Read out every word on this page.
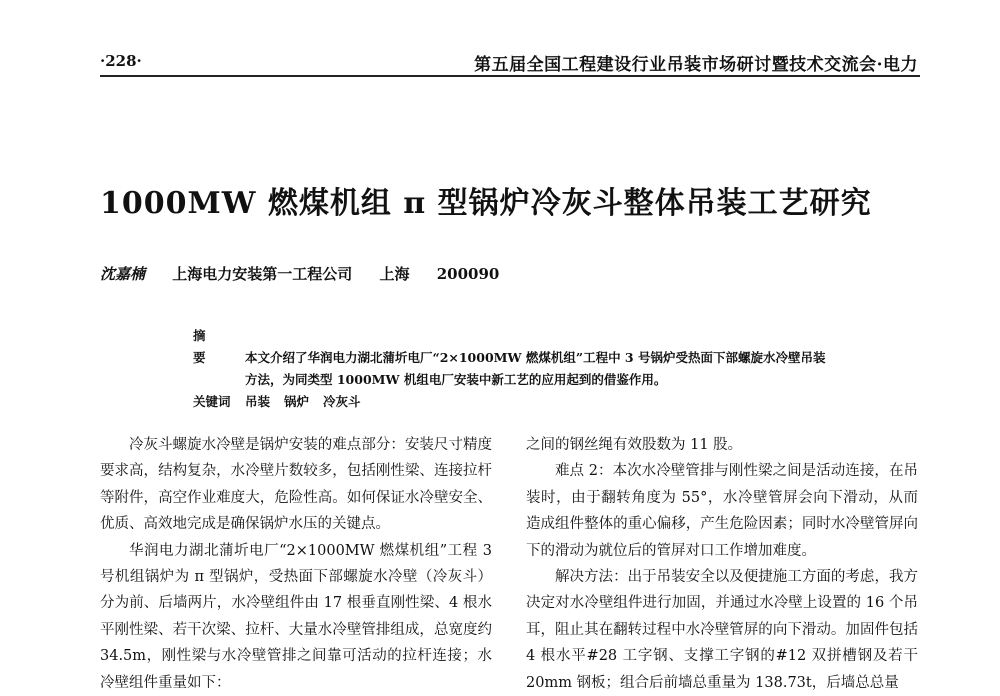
·228·	第五届全国工程建设行业吊装市场研讨暨技术交流会·电力
1000MW 燃煤机组 π 型锅炉冷灰斗整体吊装工艺研究
沈嘉楠 上海电力安装第一工程公司 上海 200090
摘 要	本文介绍了华润电力湖北蒲圻电厂“2×1000MW 燃煤机组”工程中 3 号锅炉受热面下部螺旋水冷壁吊装
方法，为同类型 1000MW 机组电厂安装中新工艺的应用起到的借鉴作用。
关键词 吊装 锅炉 冷灰斗

冷灰斗螺旋水冷壁是锅炉安装的难点部分：安装尺寸精度要求高，结构复杂，水冷壁片数较多，包括刚性梁、连接拉杆等附件，高空作业难度大，危险性高。如何保证水冷壁安全、优质、高效地完成是确保锅炉水压的关键点。

华润电力湖北蒲圻电厂“2×1000MW 燃煤机组”工程 3 号机组锅炉为 π 型锅炉，受热面下部螺旋水冷壁（冷灰斗）分为前、后墙两片，水冷壁组件由 17 根垂直刚性梁、4 根水平刚性梁、若干次梁、拉杆、大量水冷壁管排组成，总宽度约 34.5m，刚性梁与水冷壁管排之间靠可活动的拉杆连接；水冷壁组件重量如下：

之间的钢丝绳有效股数为 11 股。

难点 2：本次水冷壁管排与刚性梁之间是活动连接，在吊装时，由于翻转角度为 55°，水冷壁管屏会向下滑动，从而造成组件整体的重心偏移，产生危险因素；同时水冷壁管屏向下的滑动为就位后的管屏对口工作增加难度。

解决方法：出于吊装安全以及便捷施工方面的考虑，我方决定对水冷壁组件进行加固，并通过水冷壁上设置的 16 个吊耳，阻止其在翻转过程中水冷壁管屏的向下滑动。加固件包括 4 根水平#28 工字钢、支撑工字钢的#12 双拼槽钢及若干 20mm 钢板；组合后前墙总重量为 138.73t，后墙总总量
